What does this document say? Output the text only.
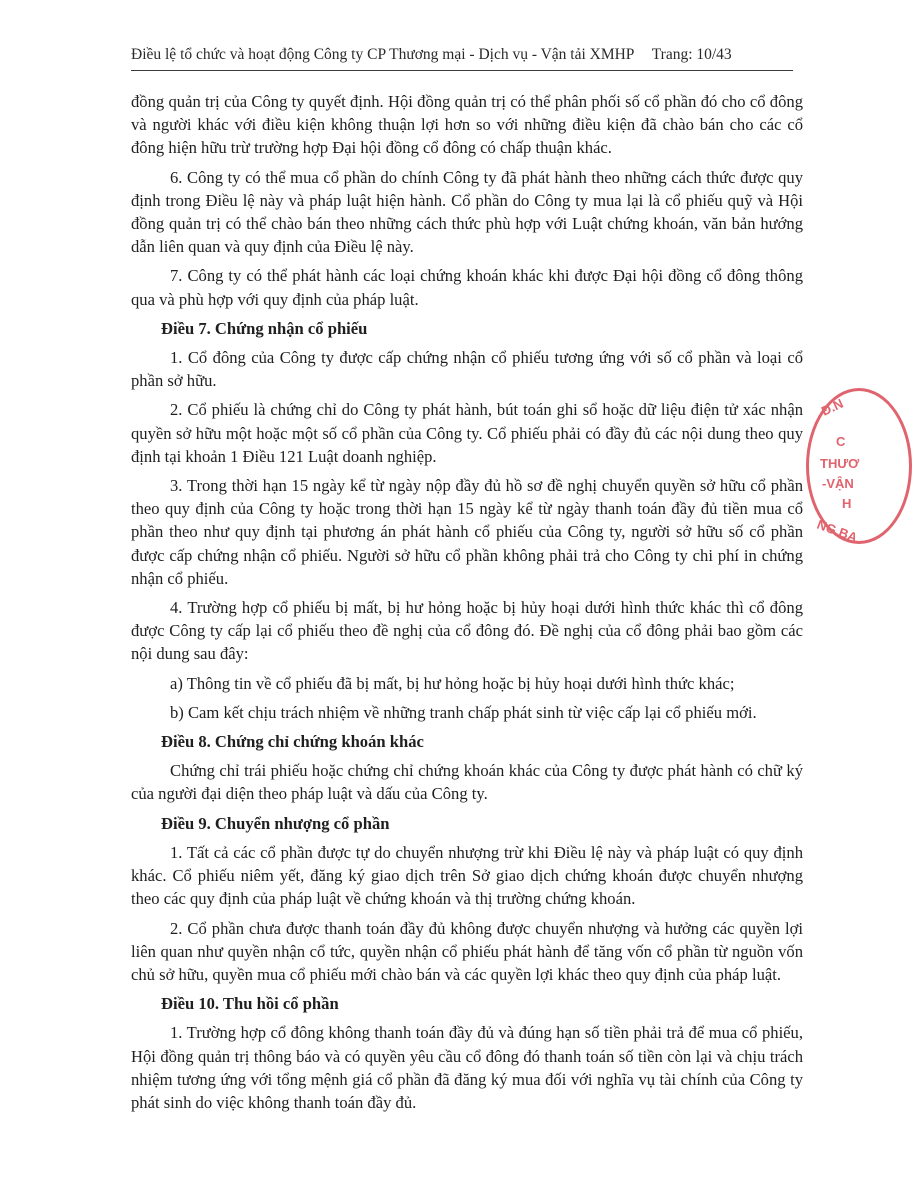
Điều lệ tổ chức và hoạt động Công ty CP Thương mại - Dịch vụ - Vận tải XMHP Trang: 10/43

đồng quản trị của Công ty quyết định. Hội đồng quản trị có thể phân phối số cổ phần đó cho cổ đông và người khác với điều kiện không thuận lợi hơn so với những điều kiện đã chào bán cho các cổ đông hiện hữu trừ trường hợp Đại hội đồng cổ đông có chấp thuận khác.

6. Công ty có thể mua cổ phần do chính Công ty đã phát hành theo những cách thức được quy định trong Điều lệ này và pháp luật hiện hành. Cổ phần do Công ty mua lại là cổ phiếu quỹ và Hội đồng quản trị có thể chào bán theo những cách thức phù hợp với Luật chứng khoán, văn bản hướng dẫn liên quan và quy định của Điều lệ này.

7. Công ty có thể phát hành các loại chứng khoán khác khi được Đại hội đồng cổ đông thông qua và phù hợp với quy định của pháp luật.

Điều 7. Chứng nhận cổ phiếu

1. Cổ đông của Công ty được cấp chứng nhận cổ phiếu tương ứng với số cổ phần và loại cổ phần sở hữu.

2. Cổ phiếu là chứng chỉ do Công ty phát hành, bút toán ghi sổ hoặc dữ liệu điện tử xác nhận quyền sở hữu một hoặc một số cổ phần của Công ty. Cổ phiếu phải có đầy đủ các nội dung theo quy định tại khoản 1 Điều 121 Luật doanh nghiệp.

3. Trong thời hạn 15 ngày kể từ ngày nộp đầy đủ hồ sơ đề nghị chuyển quyền sở hữu cổ phần theo quy định của Công ty hoặc trong thời hạn 15 ngày kể từ ngày thanh toán đầy đủ tiền mua cổ phần theo như quy định tại phương án phát hành cổ phiếu của Công ty, người sở hữu số cổ phần được cấp chứng nhận cổ phiếu. Người sở hữu cổ phần không phải trả cho Công ty chi phí in chứng nhận cổ phiếu.

4. Trường hợp cổ phiếu bị mất, bị hư hỏng hoặc bị hủy hoại dưới hình thức khác thì cổ đông được Công ty cấp lại cổ phiếu theo đề nghị của cổ đông đó. Đề nghị của cổ đông phải bao gồm các nội dung sau đây:

a) Thông tin về cổ phiếu đã bị mất, bị hư hỏng hoặc bị hủy hoại dưới hình thức khác;

b) Cam kết chịu trách nhiệm về những tranh chấp phát sinh từ việc cấp lại cổ phiếu mới.

Điều 8. Chứng chỉ chứng khoán khác

Chứng chỉ trái phiếu hoặc chứng chỉ chứng khoán khác của Công ty được phát hành có chữ ký của người đại diện theo pháp luật và dấu của Công ty.

Điều 9. Chuyển nhượng cổ phần

1. Tất cả các cổ phần được tự do chuyển nhượng trừ khi Điều lệ này và pháp luật có quy định khác. Cổ phiếu niêm yết, đăng ký giao dịch trên Sở giao dịch chứng khoán được chuyển nhượng theo các quy định của pháp luật về chứng khoán và thị trường chứng khoán.

2. Cổ phần chưa được thanh toán đầy đủ không được chuyển nhượng và hưởng các quyền lợi liên quan như quyền nhận cổ tức, quyền nhận cổ phiếu phát hành để tăng vốn cổ phần từ nguồn vốn chủ sở hữu, quyền mua cổ phiếu mới chào bán và các quyền lợi khác theo quy định của pháp luật.

Điều 10. Thu hồi cổ phần

1. Trường hợp cổ đông không thanh toán đầy đủ và đúng hạn số tiền phải trả để mua cổ phiếu, Hội đồng quản trị thông báo và có quyền yêu cầu cổ đông đó thanh toán số tiền còn lại và chịu trách nhiệm tương ứng với tổng mệnh giá cổ phần đã đăng ký mua đối với nghĩa vụ tài chính của Công ty phát sinh do việc không thanh toán đầy đủ.

Đ.N
C
THƯƠ
-VẬN
H
NG BA
